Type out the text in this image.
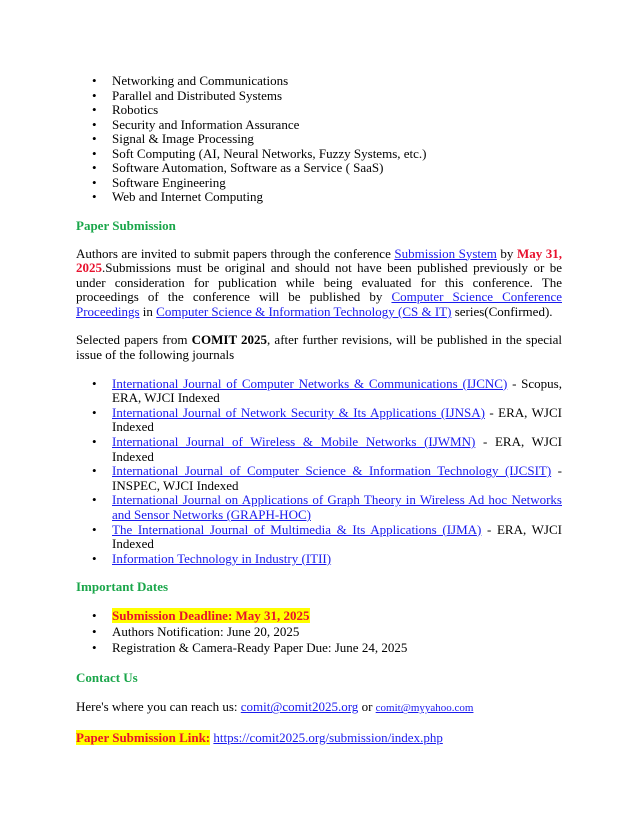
• Networking and Communications
• Parallel and Distributed Systems
• Robotics
• Security and Information Assurance
• Signal & Image Processing
• Soft Computing (AI, Neural Networks, Fuzzy Systems, etc.)
• Software Automation, Software as a Service ( SaaS)
• Software Engineering
• Web and Internet Computing
Paper Submission

Authors are invited to submit papers through the conference Submission System by May 31, 2025.Submissions must be original and should not have been published previously or be under consideration for publication while being evaluated for this conference. The proceedings of the conference will be published by Computer Science Conference Proceedings in Computer Science & Information Technology (CS & IT) series(Confirmed).

Selected papers from COMIT 2025, after further revisions, will be published in the special issue of the following journals

• International Journal of Computer Networks & Communications (IJCNC) - Scopus, ERA, WJCI Indexed
• International Journal of Network Security & Its Applications (IJNSA) - ERA, WJCI Indexed
• International Journal of Wireless & Mobile Networks (IJWMN) - ERA, WJCI Indexed
• International Journal of Computer Science & Information Technology (IJCSIT) - INSPEC, WJCI Indexed
• International Journal on Applications of Graph Theory in Wireless Ad hoc Networks and Sensor Networks (GRAPH-HOC)
• The International Journal of Multimedia & Its Applications (IJMA) - ERA, WJCI Indexed
• Information Technology in Industry (ITII)
Important Dates
• Submission Deadline: May 31, 2025
• Authors Notification: June 20, 2025
• Registration & Camera-Ready Paper Due: June 24, 2025
Contact Us

Here's where you can reach us: comit@comit2025.org or comit@myyahoo.com

Paper Submission Link: https://comit2025.org/submission/index.php
